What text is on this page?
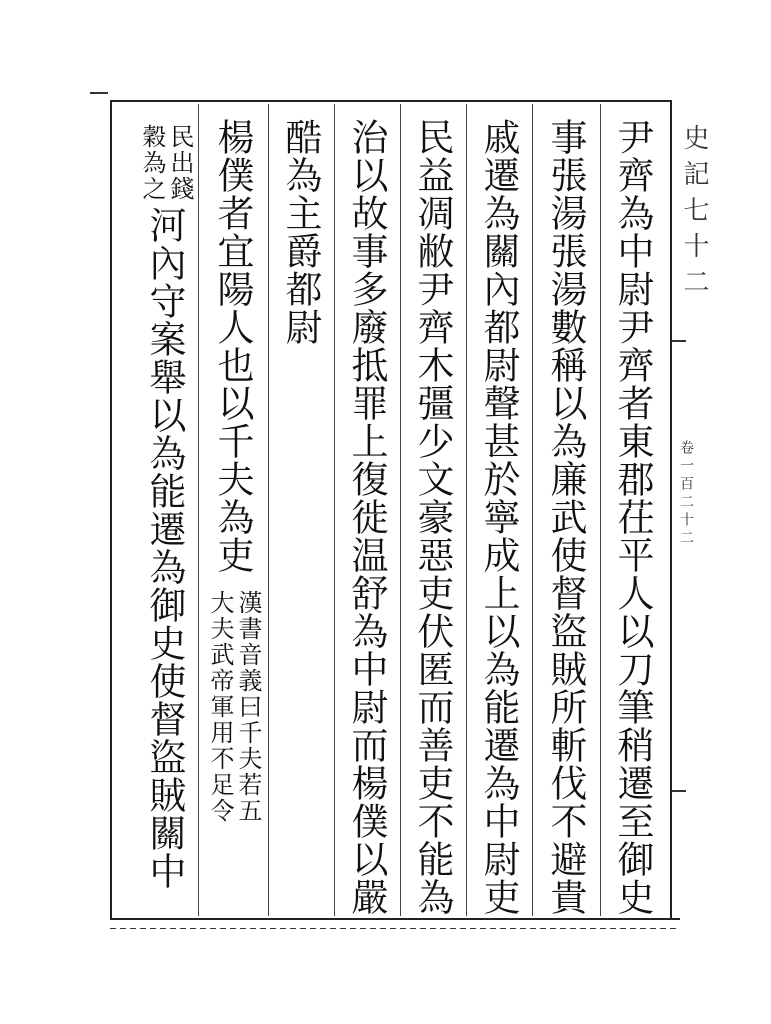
史記七十二
卷一百二十二
尹齊為中尉尹齊者東郡茌平人以刀筆稍遷至御史
事張湯張湯數稱以為廉武使督盜賊所斬伐不避貴
戚遷為關內都尉聲甚於寧成上以為能遷為中尉吏
民益凋敝尹齊木彊少文豪惡吏伏匿而善吏不能為
治以故事多廢抵罪上復徙温舒為中尉而楊僕以嚴
酷為主爵都尉
楊僕者宜陽人也以千夫為吏
漢書音義曰千夫若五
大夫武帝軍用不足令
民出錢
穀為之
河內守案舉以為能遷為御史使督盜賊關中
